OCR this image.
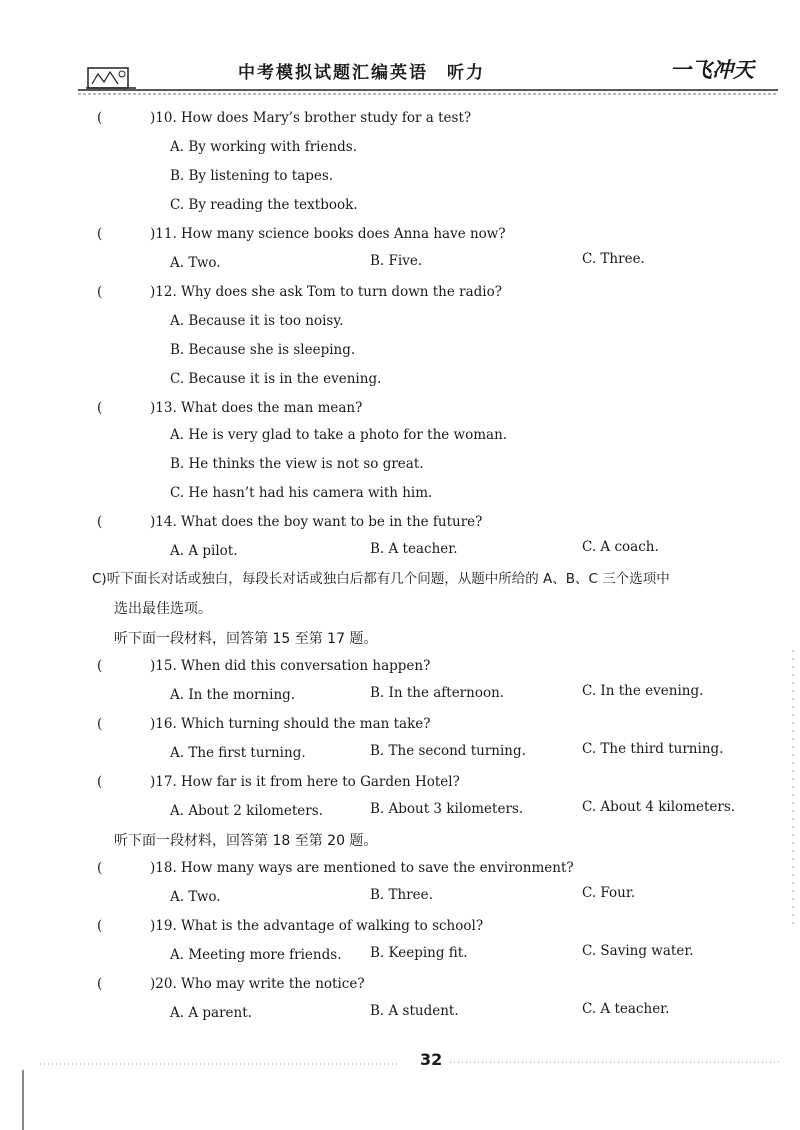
中考模拟试题汇编英语　听力	一飞冲天
(	)10. How does Mary’s brother study for a test?
A. By working with friends.
B. By listening to tapes.
C. By reading the textbook.
(	)11. How many science books does Anna have now?
A. Two.	B. Five.	C. Three.
(	)12. Why does she ask Tom to turn down the radio?
A. Because it is too noisy.
B. Because she is sleeping.
C. Because it is in the evening.
(	)13. What does the man mean?
A. He is very glad to take a photo for the woman.
B. He thinks the view is not so great.
C. He hasn’t had his camera with him.
(	)14. What does the boy want to be in the future?
A. A pilot.	B. A teacher.	C. A coach.
C)听下面长对话或独白，每段长对话或独白后都有几个问题，从题中所给的 A、B、C 三个选项中
选出最佳选项。
听下面一段材料，回答第 15 至第 17 题。
(	)15. When did this conversation happen?
A. In the morning.	B. In the afternoon.	C. In the evening.
(	)16. Which turning should the man take?
A. The first turning.	B. The second turning.	C. The third turning.
(	)17. How far is it from here to Garden Hotel?
A. About 2 kilometers.	B. About 3 kilometers.	C. About 4 kilometers.
听下面一段材料，回答第 18 至第 20 题。
(	)18. How many ways are mentioned to save the environment?
A. Two.	B. Three.	C. Four.
(	)19. What is the advantage of walking to school?
A. Meeting more friends. B. Keeping fit.	C. Saving water.
(	)20. Who may write the notice?
A. A parent.	B. A student.	C. A teacher.
32
